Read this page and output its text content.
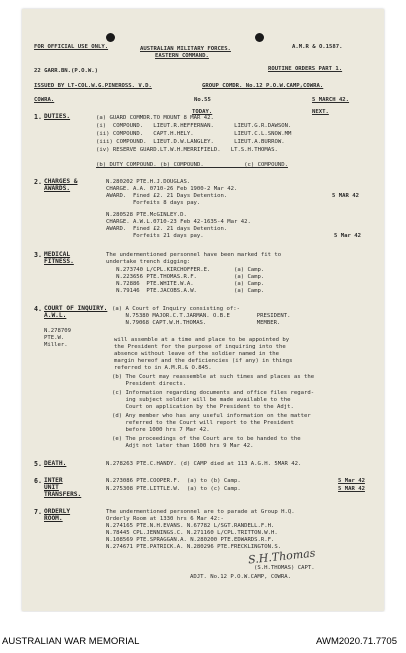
FOR OFFICIAL USE ONLY.	AUSTRALIAN MILITARY FORCES.
EASTERN COMMAND.
A.M.R & O.1587.
22 GARR.BN.(P.O.W.)	ROUTINE ORDERS PART 1.
ISSUED BY LT-COL.W.G.PINEROSS. V.D.	GROUP COMDR. No.12 P.O.W.CAMP,COWRA.
COWRA.	No.55	5 MARCH 42.
1. DUTIES.
TODAY.	NEXT.
(a) GUARD COMMDR.TO MOUNT 8 MAR 42.
(i)  COMPOUND.   LIEUT.R.HEFFERNAN.      LIEUT.G.R.DAWSON.
(ii) COMPOUND.   CAPT.H.HELY.            LIEUT.C.L.SNOW.MM
(iii) COMPOUND.  LIEUT.D.W.LANGLEY.      LIEUT.A.BURROW.
(iv) RESERVE GUARD.LT.W.H.MERRIFIELD.   LT.S.H.THOMAS.
(b) DUTY COMPOUND. (b) COMPOUND.            (c) COMPOUND.
2. CHARGES &
AWARDS.
N.280202 PTE.H.J.DOUGLAS.
CHARGE. A.A. 0710-26 Feb 1900-2 Mar 42.
AWARD.  Fined £2. 21 Days Detention.
Forfeits 8 days pay.
N.280528 PTE.McGINLEY.D.
CHARGE. A.W.L.0710-23 Feb 42-1635-4 Mar 42.
AWARD.  Fined £2. 21 days Detention.
Forfeits 21 days pay.
5 MAR 42
5 Mar 42
3. MEDICAL
FITNESS.
The undermentioned personnel have been marked fit to
undertake trench digging:
N.273740 L/CPL.KIRCHOFFER.E.       (a) Camp.
N.223656 PTE.THOMAS.R.F.           (a) Camp.
N.72886  PTE.WHITE.W.A.            (a) Camp.
N.79146  PTE.JACOBS.A.W.           (a) Camp.
4. COURT OF INQUIRY.
A.W.L.
N.278709
PTE.W.
Miller.
(a) A Court of Inquiry consisting of:-
N.75380 MAJOR.C.T.JARMAN. O.B.E        PRESIDENT.
N.79068 CAPT.W.H.THOMAS.               MEMBER.
will assemble at a time and place to be appointed by
the President for the purpose of inquiring into the
absence without leave of the soldier named in the
margin hereof and the deficiencies (if any) in things
referred to in A.M.R.& O.845.
(b) The Court may reassemble at such times and places as the
President directs.
(c) Information regarding documents and office files regard-
ing subject soldier will be made available to the
Court on application by the President to the Adjt.
(d) Any member who has any useful information on the matter
referred to the Court will report to the President
before 1000 hrs 7 Mar 42.
(e) The proceedings of the Court are to be handed to the
Adjt not later than 1600 hrs 9 Mar 42.
5. DEATH.	N.278263 PTE.C.HANDY. (d) CAMP died at 113 A.G.H. 5MAR 42.
6. INTER
UNIT
TRANSFERS.
N.273086 PTE.COOPER.F.  (a) to (b) Camp.
N.275308 PTE.LITTLE.W.  (a) to (c) Camp.
5 Mar 42
5 MAR 42
7. ORDERLY
ROOM.
The undermentioned personnel are to parade at Group H.Q.
Orderly Room at 1330 hrs 6 Mar 42:-
N.274165 PTE.N.H.EVANS. N.67782 L/SGT.RANDELL.F.H.
N.78445 CPL.JENNINGS.C. N.271160 L/CPL.TRITTON.W.H.
N.108569 PTE.SPRAGGAN.A. N.280200 PTE.EDWARDS.R.F.
N.274671 PTE.PATRICK.A. N.280296 PTE.FRECKLINGTON.S.
S.H.Thomas
(S.H.THOMAS) CAPT.
ADJT. No.12 P.O.W.CAMP, COWRA.
AUSTRALIAN WAR MEMORIAL	AWM2020.71.7705
